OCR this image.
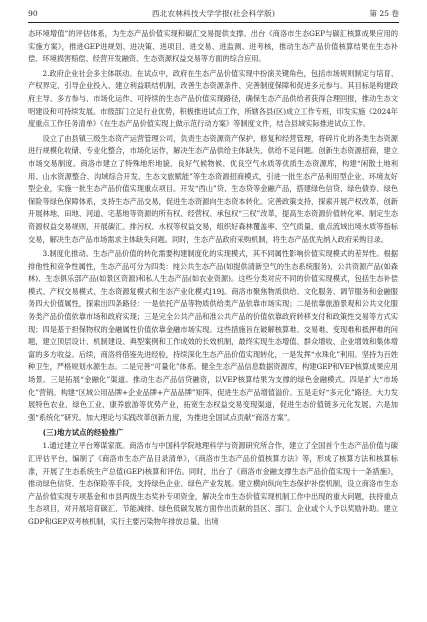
90	西北农林科技大学学报(社会科学版)	第 25 卷

态环境增值”的评估体系，为生态产品价值实现和碳汇交易提供支撑。出台《商洛市生态GEP与碳汇核算成果应用的实施方案》，推进GEP进规划、进决策、进项目、进交易、进监测、进考核，推动生态产品价值核算结果在生态补偿、环境损害赔偿、经营开发融资、生态资源权益交易等方面的综合应用。

2.政府企业社会多主体联动。在试点中，政府在生态产品价值实现中扮演关键角色，包括市场规则制定与培育、产权界定、引导企业投入、建立利益联结机制、改善生态资源条件、完善制度保障和促进多元参与。其目标是构建政府主导、多方参与、市场化运作、可持续的生态产品价值实现路径，确保生态产品供给者获得合理回报，推动生态文明建设和可持续发展。市级部门立足行业优势，积极推进试点工作，所辖各县(区)成立工作专班，印发实施《2024年度重点工作任务清单》《在生态产品价值实现上做示范行动方案》等制度文件，结合县域实际推进试点工作。

设立了由县镇三级生态资产运营管理公司，负责生态资源资产保护，修复和经营管理，将碎片化的各类生态资源进行规模化收储、专业化整合，市场化运作，解决生态产品供给主体缺失、供给不足问题。创新生态资源招商，建立市场交易制度。商洛市建立了特殊地形地貌、良好气候物候、优良空气水质等优质生态资源库，构建“闲散土地利用、山水资源整合、沟域综合开发、生态文旅赋能”等生态资源招商模式，引进一批生态产品利用型企业、环境友好型企业，实施一批生态产品价值实现重点项目。开发“西山”贷、生态贷等金融产品，搭建绿色信贷、绿色债券、绿色保险等绿色保障体系，支持生态产品交易，促进生态资源向生态资本转化。完善政策支持，探索开展产权改革，创新开展林地、田地、河道、宅基地等资源的所有权、经营权、承包权“三权”改革，提高生态资源价值转化率。制定生态资源权益交易规则，开展碳汇、排污权、水权等权益交易，组织好森林覆盖率、空气质量、重点流域出境水质等指标交易，解决生态产品市场需求主体缺失问题。同时，生态产品政府采购机制，将生态产品优先纳入政府采购目录。

3.制度化推动。生态产品价值的转化需要构建制度化的实现模式，其不同属性影响价值实现模式的差异性。根据排他性和竞争性属性，生态产品可分为四类：纯公共生态产品(如提供清新空气的生态系统服务)、公共资源产品(如森林)、生态俱乐部产品(如景区资源)和私人生态产品(如农业资源)。这些分类对应不同的价值实现模式，包括生态补偿模式、产权交易模式、生态资源复模式和生态产业化模式[19]。商洛市聚焦物质供给、文化服务、调节服务和金融服务四大价值属性，探索出四条路径：一是依托产品等物质供给类产品依靠市场实现；二是依靠旅游景观和公共文化服务类产品价值依靠市场和政府实现；三是完全公共产品和准公共产品的价值依靠政府转移支付和政策性交易等方式实现；四是基于担保物权的金融属性价值依靠金融市场实现。这些措施旨在破解核算难、交易难、变现难和抵押难的问题，建立顶层设计、机制建设、典型案例和工作成效的长效机制，最终实现生态增值、群众增收、企业增效和集体增富的多方收益。后续，商洛将借鉴先进经验，持续深化生态产品价值实现转化，一是发挥“水珠化”利用。坚持为百姓种卫生，严格规划水源生态。二是完善“可量化”体系。健全生态产品信息数据资源库，构建GEP和VEP核算成果应用场景。三是拓展“金融化”渠道。推动生态产品信贷融资，以VEP核算结果为支撑的绿色金融模式。四是扩大“市场化”营销。构建“区域公用品牌+企业品牌+产品品牌”矩阵，促进生态产品增值溢价。五是走好“多元化”路径。大力发展特色农业、绿色工业、康养旅游等优势产业，拓宽生态权益交易变现渠道，促进生态价值链多元化发展。六是加强“系统化”研究。加大理论与实践改革创新力度，为推进全国试点贡献“商洛方案”。

(三)地方试点的经验推广

1.通过建立平台筹谋家底。商洛市与中国科学院地理科学与资源研究所合作，建立了全国首个生态产品价值与碳汇评估平台，编制了《商洛市生态产品目录清单》，《商洛市生态产品价值核算方法》等，形成了核算方法和核算标准，开展了生态系统生产总值(GEP)核算和评估。同时，出台了《商洛市金融支撑生态产品价值实现十一条措施》，推动绿色信贷、生态保险等手段，支持绿色企业、绿色产业发展。建立横向纵向生态保护补偿机制，设立商洛市生态产品价值实现专项基金和市县两级生态奖补专项资金，解决全市生态价值实现机制工作中出现的重大问题，扶持重点生态项目，对开展培育碳汇、节能减排、绿色低碳发展方面作出贡献的县区、部门、企业或个人予以奖励补助。建立GDP和GEP双考核机制，实行主要污染物年排放总量、出境
